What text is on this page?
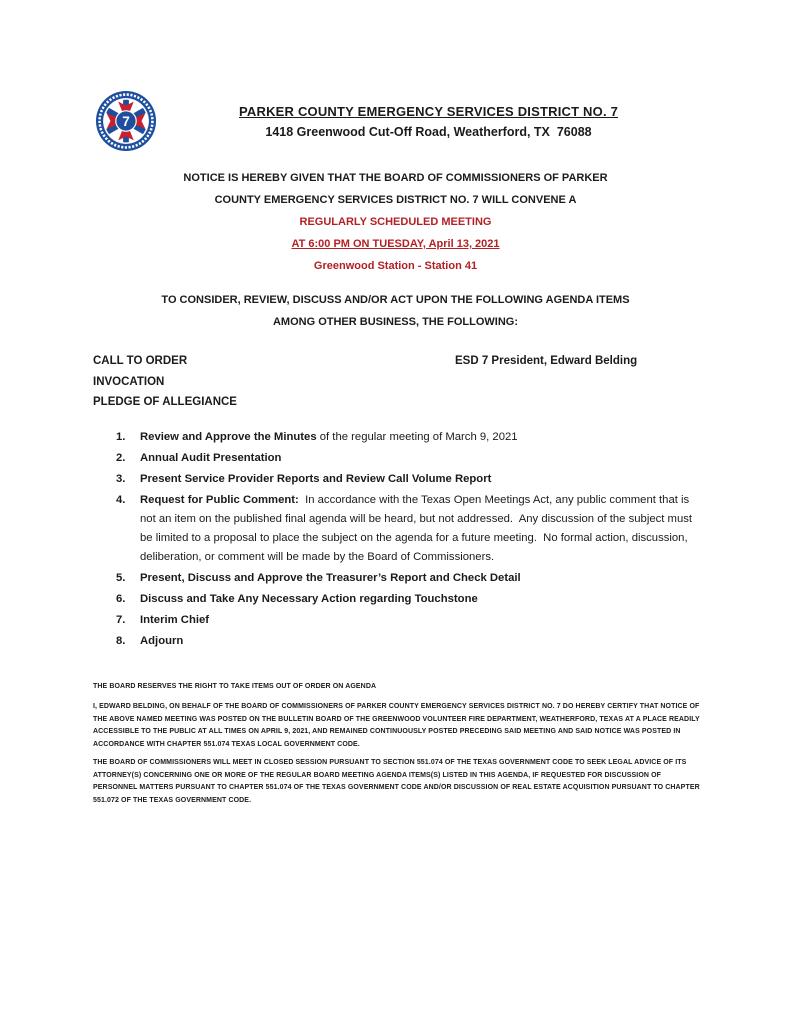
7
PARKER COUNTY EMERGENCY SERVICES DISTRICT NO. 7
1418 Greenwood Cut-Off Road, Weatherford, TX  76088
NOTICE IS HEREBY GIVEN THAT THE BOARD OF COMMISSIONERS OF PARKER
COUNTY EMERGENCY SERVICES DISTRICT NO. 7 WILL CONVENE A
REGULARLY SCHEDULED MEETING
AT 6:00 PM ON TUESDAY, April 13, 2021
Greenwood Station - Station 41
TO CONSIDER, REVIEW, DISCUSS AND/OR ACT UPON THE FOLLOWING AGENDA ITEMS
AMONG OTHER BUSINESS, THE FOLLOWING:
CALL TO ORDER
INVOCATION
PLEDGE OF ALLEGIANCE
ESD 7 President, Edward Belding
1.	Review and Approve the Minutes of the regular meeting of March 9, 2021
2.	Annual Audit Presentation
3.	Present Service Provider Reports and Review Call Volume Report
4.	Request for Public Comment:  In accordance with the Texas Open Meetings Act, any public comment that is not an item on the published final agenda will be heard, but not addressed.  Any discussion of the subject must be limited to a proposal to place the subject on the agenda for a future meeting.  No formal action, discussion, deliberation, or comment will be made by the Board of Commissioners.
5.	Present, Discuss and Approve the Treasurer’s Report and Check Detail
6.	Discuss and Take Any Necessary Action regarding Touchstone
7.	Interim Chief
8.	Adjourn
THE BOARD RESERVES THE RIGHT TO TAKE ITEMS OUT OF ORDER ON AGENDA

I, EDWARD BELDING, ON BEHALF OF THE BOARD OF COMMISSIONERS OF PARKER COUNTY EMERGENCY SERVICES DISTRICT NO. 7 DO HEREBY CERTIFY THAT NOTICE OF THE ABOVE NAMED MEETING WAS POSTED ON THE BULLETIN BOARD OF THE GREENWOOD VOLUNTEER FIRE DEPARTMENT, WEATHERFORD, TEXAS AT A PLACE READILY ACCESSIBLE TO THE PUBLIC AT ALL TIMES ON APRIL 9, 2021, AND REMAINED CONTINUOUSLY POSTED PRECEDING SAID MEETING AND SAID NOTICE WAS POSTED IN ACCORDANCE WITH CHAPTER 551.074 TEXAS LOCAL GOVERNMENT CODE.

THE BOARD OF COMMISSIONERS WILL MEET IN CLOSED SESSION PURSUANT TO SECTION 551.074 OF THE TEXAS GOVERNMENT CODE TO SEEK LEGAL ADVICE OF ITS ATTORNEY(S) CONCERNING ONE OR MORE OF THE REGULAR BOARD MEETING AGENDA ITEMS(S) LISTED IN THIS AGENDA, IF REQUESTED FOR DISCUSSION OF PERSONNEL MATTERS PURSUANT TO CHAPTER 551.074 OF THE TEXAS GOVERNMENT CODE AND/OR DISCUSSION OF REAL ESTATE ACQUISITION PURSUANT TO CHAPTER 551.072 OF THE TEXAS GOVERNMENT CODE.
